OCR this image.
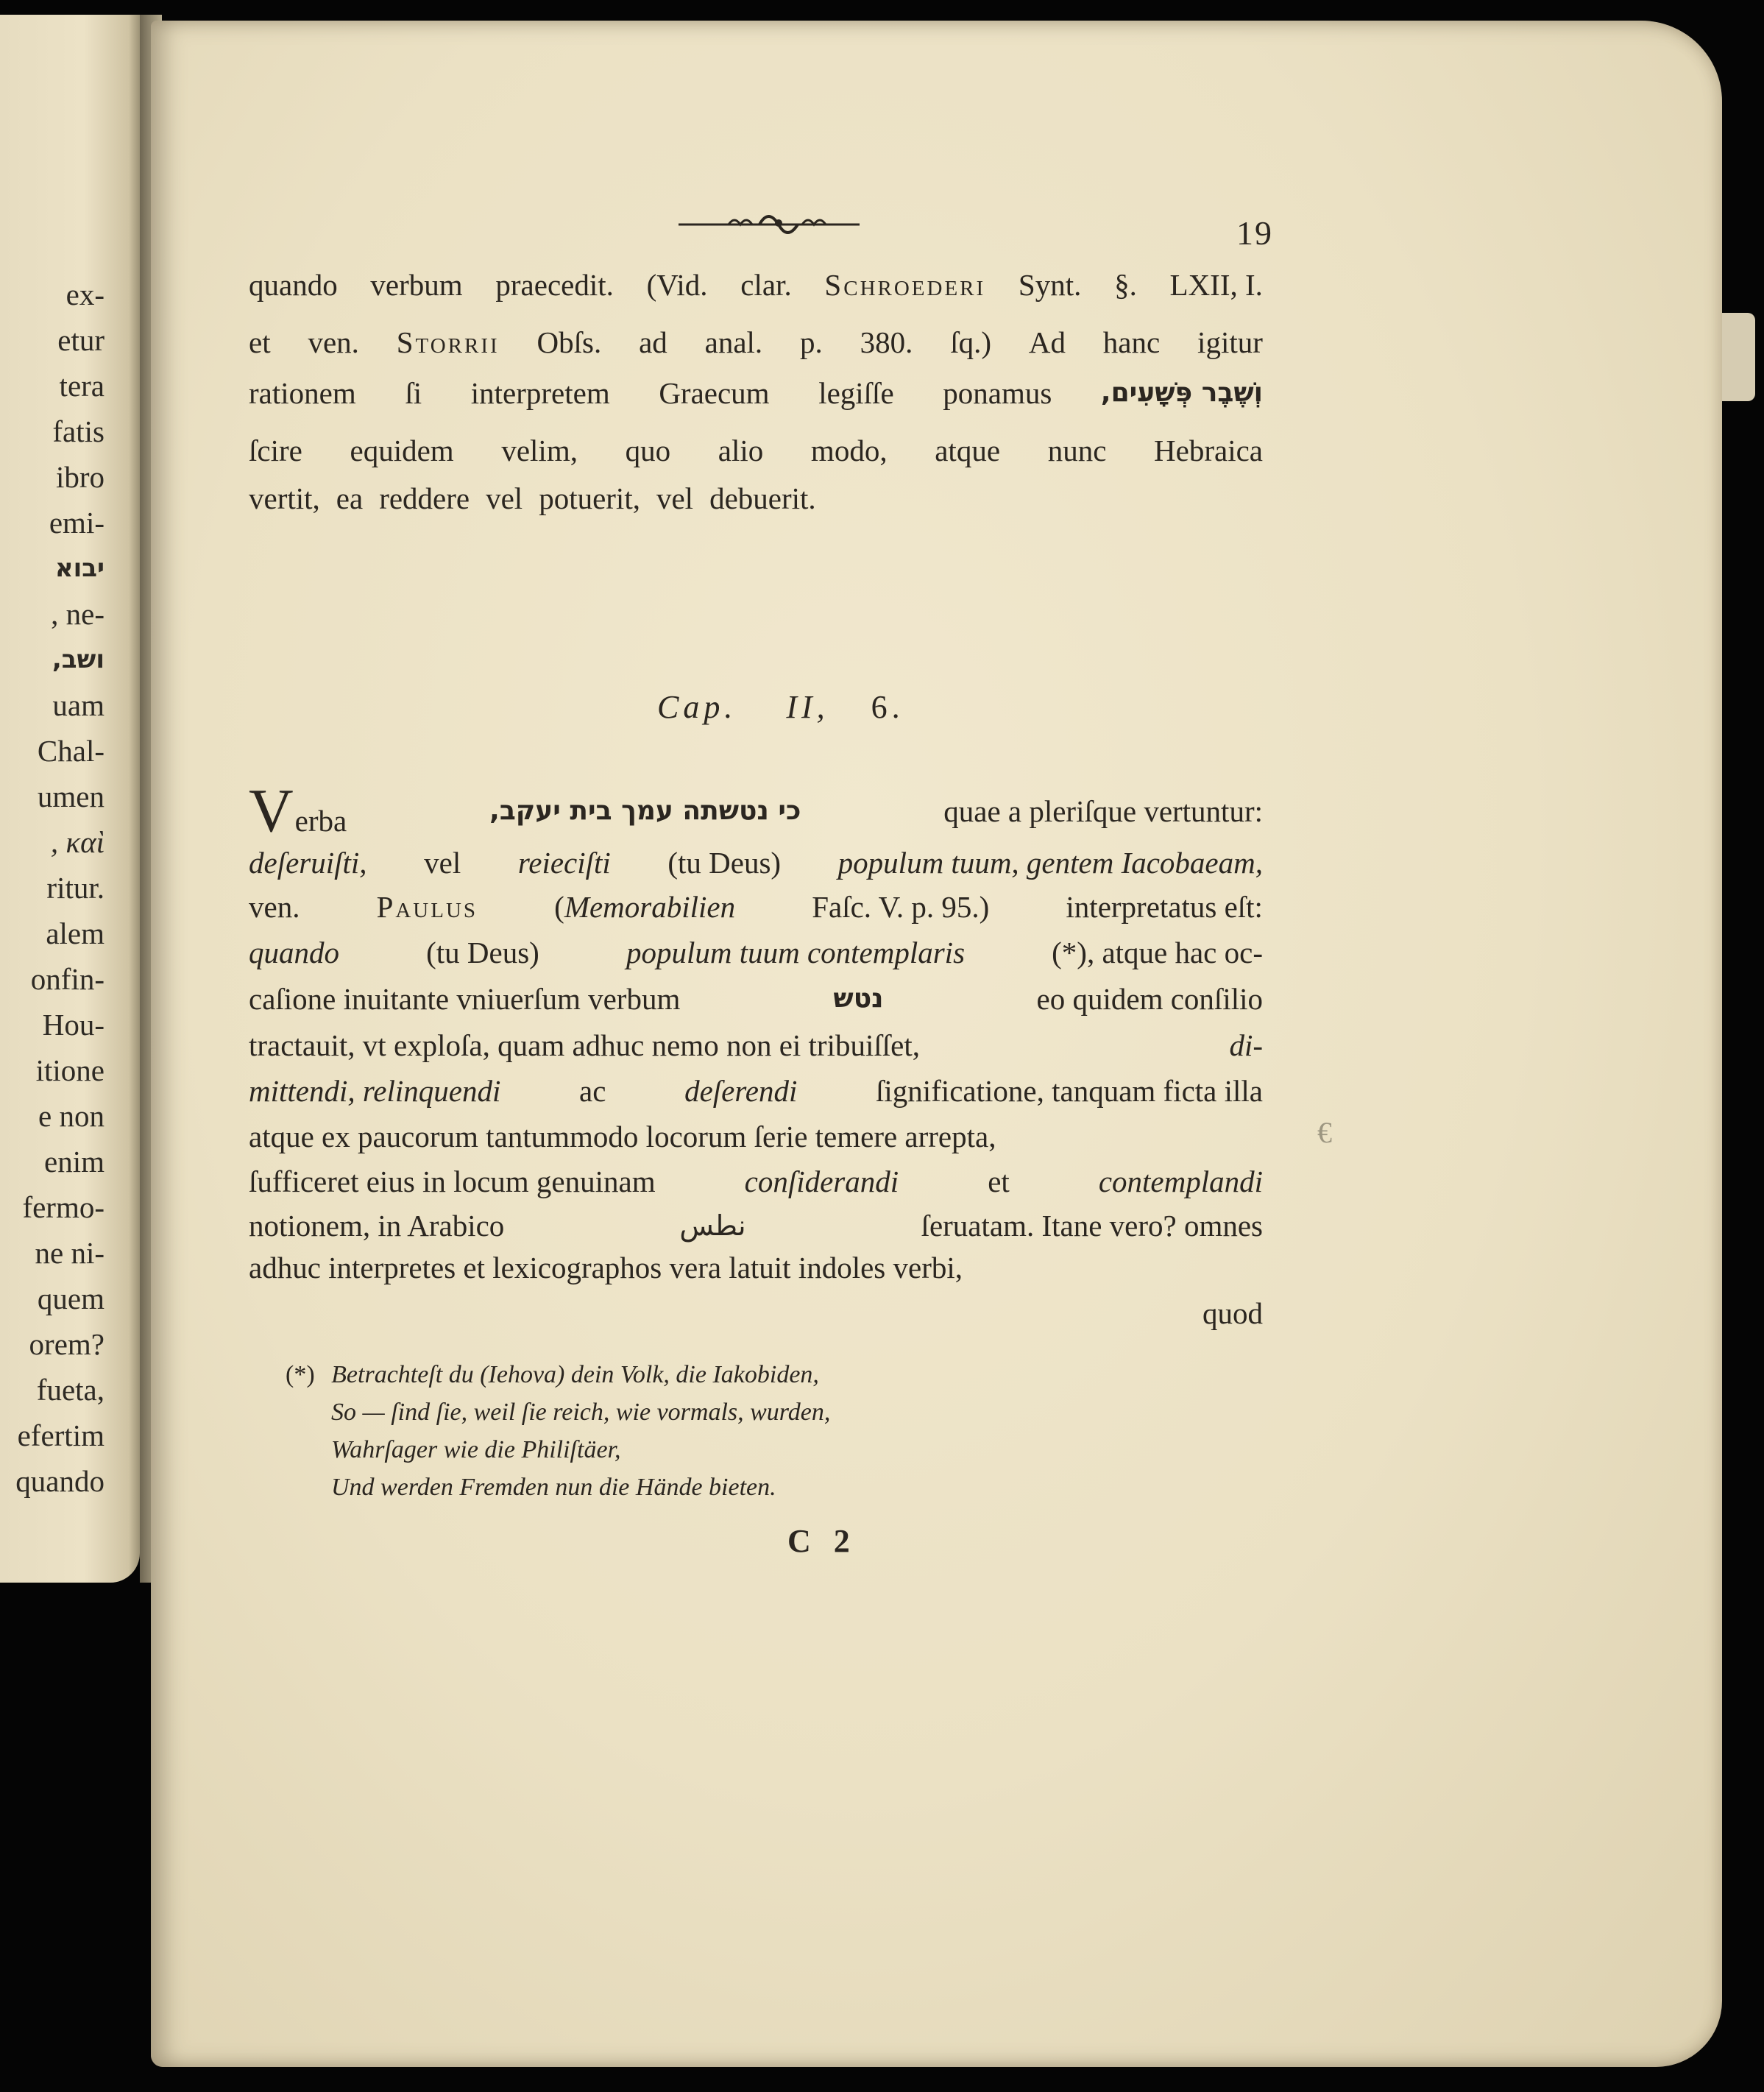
ex-
etur
tera
fatis
ibro
emi-
יבוא
, ne-
ושב,
uam
Chal-
umen
, καὶ
ritur.
alem
onfin-
Hou-
itione
e non
enim
fermo-
ne ni-
quem
orem?
fueta,
efertim
quando
19
quando verbum praecedit. (Vid. clar. Schroederi Synt. §. LXII, I.
et ven. Storrii Obſs. ad anal. p. 380. ſq.) Ad hanc igitur
rationem ſi interpretem Graecum legiſſe ponamus וְשֶׁבֶר פְּשָׁעִים,
ſcire equidem velim, quo alio modo, atque nunc Hebraica
vertit, ea reddere vel potuerit, vel debuerit.
Cap. II, 6.
Verba	כי נטשתה עמך בית יעקב,	quae a pleriſque vertuntur:
deſeruiſti, vel reieciſti (tu Deus) populum tuum, gentem Iacobaeam,
ven.	Paulus	(Memorabilien	Faſc. V. p. 95.)	interpretatus eſt:
quando	(tu Deus)	populum tuum contemplaris	(*), atque hac oc-
caſione inuitante vniuerſum verbum	נטש	eo quidem conſilio
tractauit, vt exploſa, quam adhuc nemo non ei tribuiſſet,	di-
mittendi, relinquendi	ac	deſerendi	ſignificatione, tanquam ficta illa
atque ex paucorum tantummodo locorum ſerie temere arrepta,
ſufficeret eius in locum genuinam	conſiderandi	et	contemplandi
notionem, in Arabico	نطس	ſeruatam. Itane vero? omnes
adhuc interpretes et lexicographos vera latuit indoles verbi,
quod
(*) Betrachteſt du (Iehova) dein Volk, die Iakobiden,
So — ſind ſie, weil ſie reich, wie vormals, wurden,
Wahrſager wie die Philiſtäer,
Und werden Fremden nun die Hände bieten.
C 2
€
